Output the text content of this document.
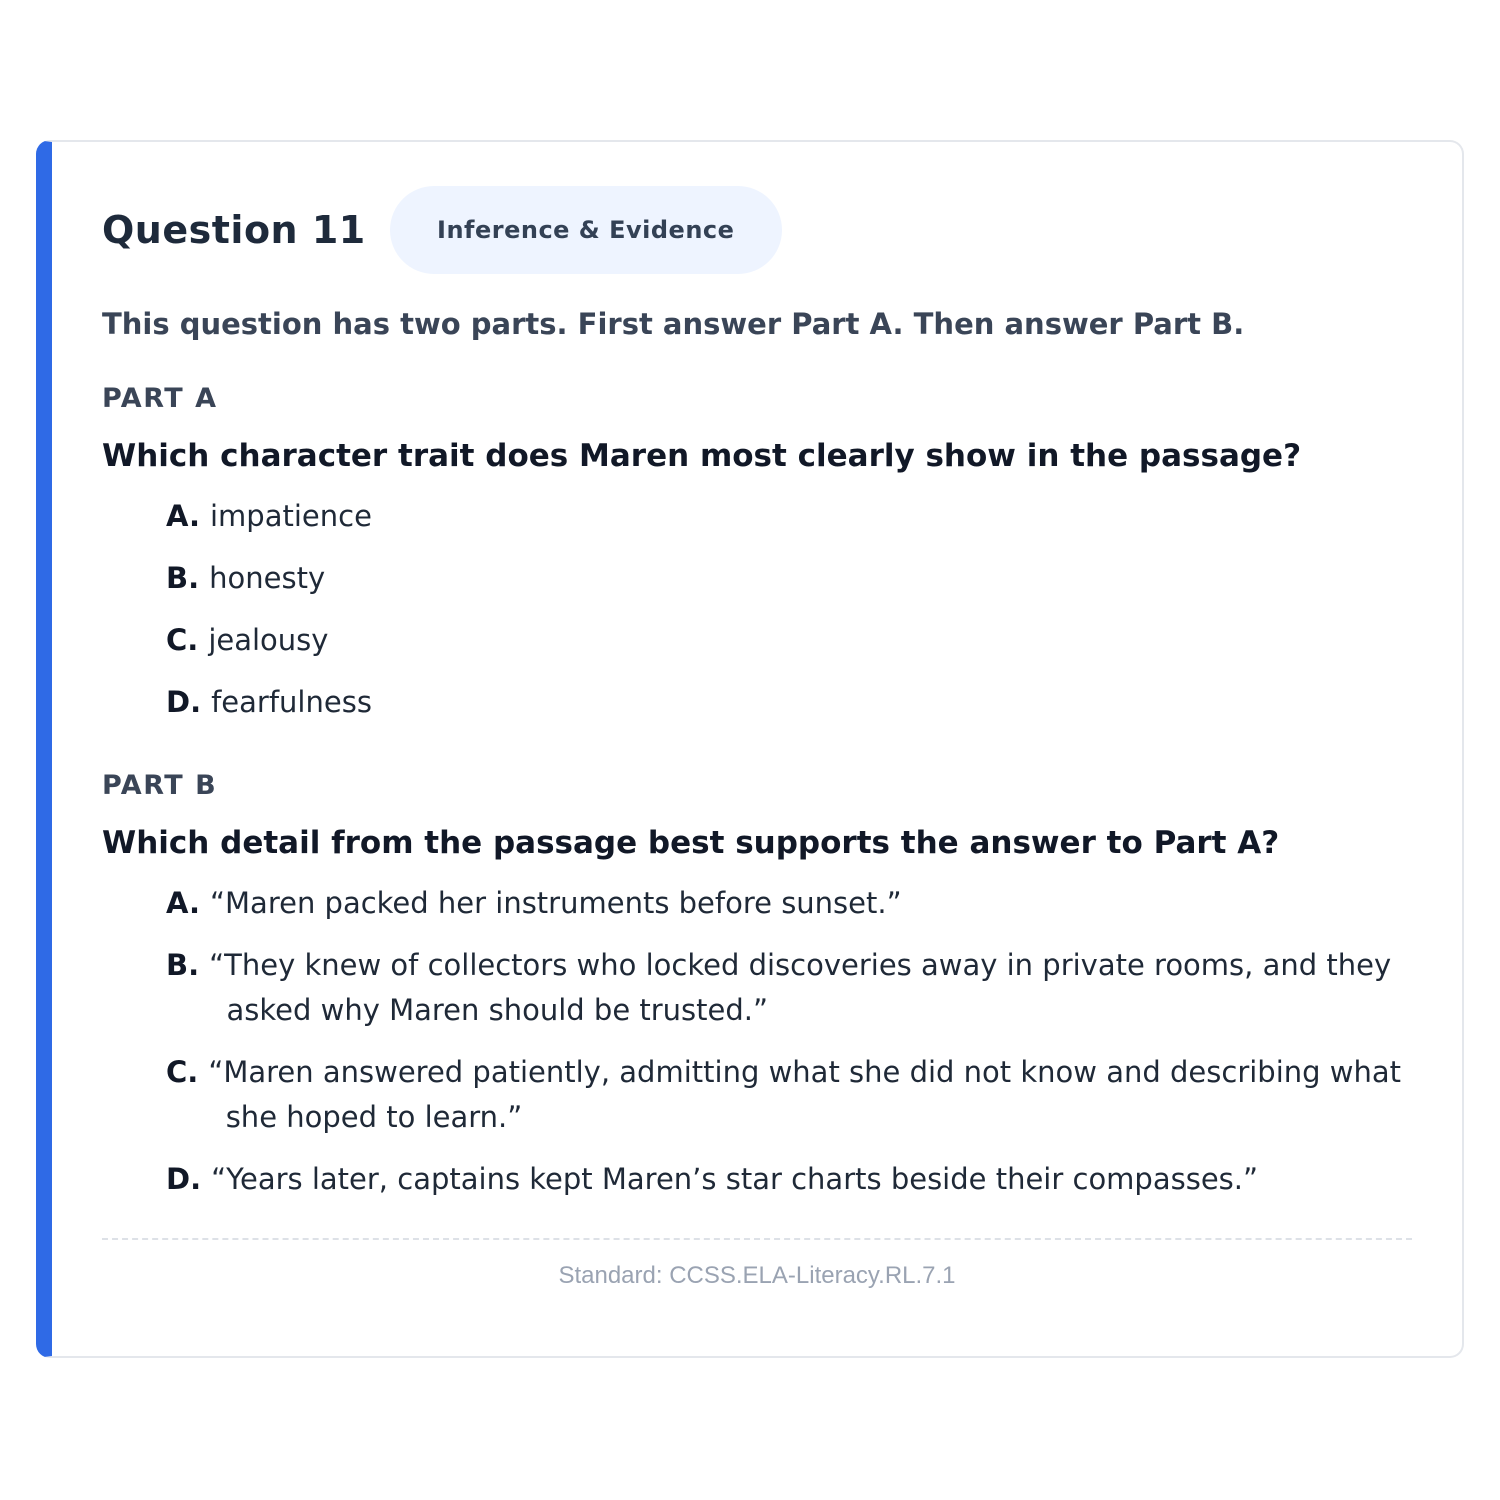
Question 11	Inference & Evidence
This question has two parts. First answer Part A. Then answer Part B.
PART A
Which character trait does Maren most clearly show in the passage?
A. impatience
B. honesty
C. jealousy
D. fearfulness
PART B
Which detail from the passage best supports the answer to Part A?
A. “Maren packed her instruments before sunset.”
B. “They knew of collectors who locked discoveries away in private rooms, and they asked why Maren should be trusted.”
C. “Maren answered patiently, admitting what she did not know and describing what she hoped to learn.”
D. “Years later, captains kept Maren’s star charts beside their compasses.”
Standard: CCSS.ELA-Literacy.RL.7.1
